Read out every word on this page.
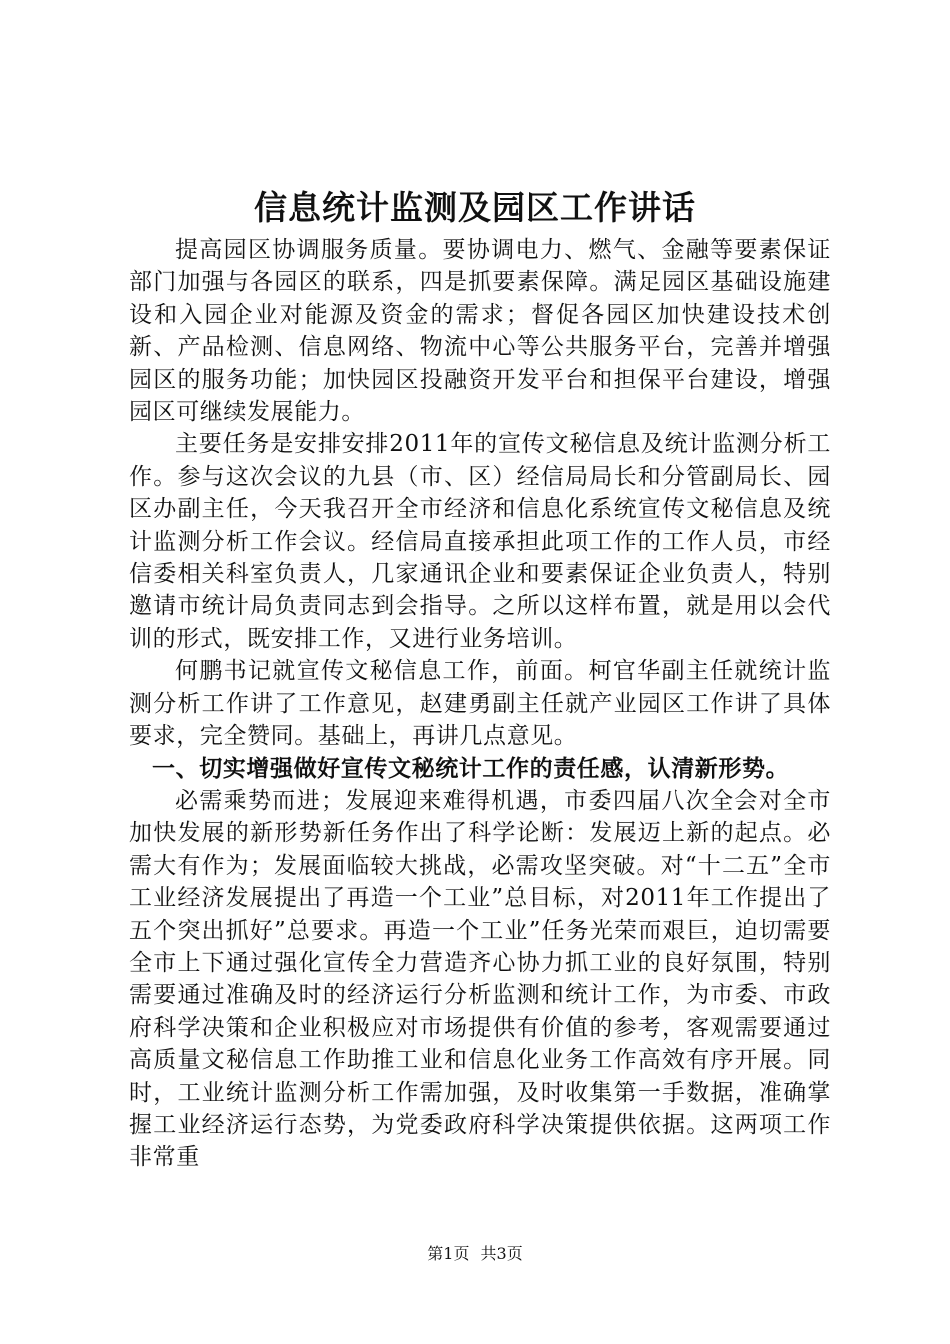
信息统计监测及园区工作讲话

提高园区协调服务质量。要协调电力、燃气、金融等要素保证部门加强与各园区的联系，四是抓要素保障。满足园区基础设施建设和入园企业对能源及资金的需求；督促各园区加快建设技术创新、产品检测、信息网络、物流中心等公共服务平台，完善并增强园区的服务功能；加快园区投融资开发平台和担保平台建设，增强园区可继续发展能力。

主要任务是安排安排2011年的宣传文秘信息及统计监测分析工作。参与这次会议的九县（市、区）经信局局长和分管副局长、园区办副主任，今天我召开全市经济和信息化系统宣传文秘信息及统计监测分析工作会议。经信局直接承担此项工作的工作人员，市经信委相关科室负责人，几家通讯企业和要素保证企业负责人，特别邀请市统计局负责同志到会指导。之所以这样布置，就是用以会代训的形式，既安排工作，又进行业务培训。

何鹏书记就宣传文秘信息工作，前面。柯官华副主任就统计监测分析工作讲了工作意见，赵建勇副主任就产业园区工作讲了具体要求，完全赞同。基础上，再讲几点意见。

一、切实增强做好宣传文秘统计工作的责任感，认清新形势。

必需乘势而进；发展迎来难得机遇，市委四届八次全会对全市加快发展的新形势新任务作出了科学论断：发展迈上新的起点。必需大有作为；发展面临较大挑战，必需攻坚突破。对“十二五”全市工业经济发展提出了再造一个工业”总目标，对2011年工作提出了五个突出抓好”总要求。再造一个工业”任务光荣而艰巨，迫切需要全市上下通过强化宣传全力营造齐心协力抓工业的良好氛围，特别需要通过准确及时的经济运行分析监测和统计工作，为市委、市政府科学决策和企业积极应对市场提供有价值的参考，客观需要通过高质量文秘信息工作助推工业和信息化业务工作高效有序开展。同时，工业统计监测分析工作需加强，及时收集第一手数据，准确掌握工业经济运行态势，为党委政府科学决策提供依据。这两项工作非常重

第1页 共3页
